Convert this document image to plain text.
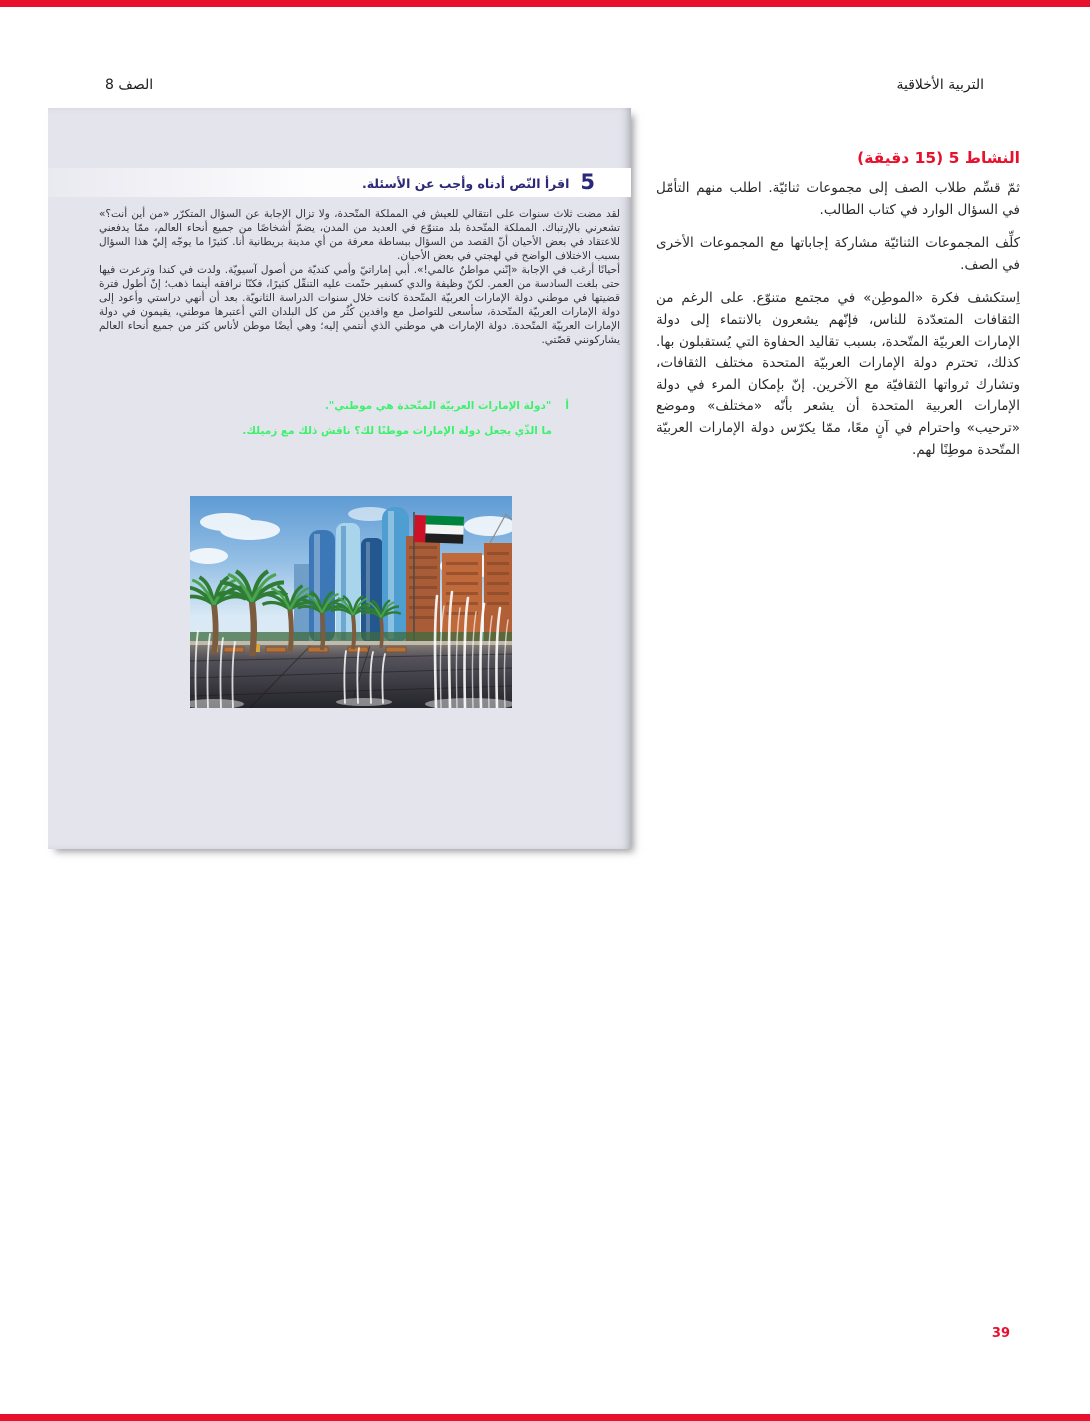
التربية الأخلاقية
الصف 8
5
اقرأ النّص أدناه وأجب عن الأسئلة.

لقد مضت ثلاث سنوات على انتقالي للعيش في المملكة المتّحدة، ولا تزال الإجابة عن السؤال المتكرّر «من أين أنت؟» تشعرني بالإرتباك. المملكة المتّحدة بلد متنوّع في العديد من المدن، يضمّ أشخاصًا من جميع أنحاء العالم، ممّا يدفعني للاعتقاد في بعض الأحيان أنّ القصد من السؤال ببساطة معرفة من أي مدينة بريطانية أنا. كثيرًا ما يوجّه إليّ هذا السؤال بسبب الاختلاف الواضح في لهجتي في بعض الأحيان.

أحيانًا أرغب في الإجابة «إنّني مواطنٌ عالمي!». أبي إماراتيّ وأمي كنديّة من أصول آسيويّة. ولدت في كندا وترعرت فيها حتى بلغت السادسة من العمر. لكنّ وظيفة والدي كسفير حتّمت عليه التنقّل كثيرًا، فكنّا نرافقه أينما ذهب؛ إنّ أطول فترة قضيتها في موطني دولة الإمارات العربيّة المتّحدة كانت خلال سنوات الدراسة الثانويّة. بعد أن أنهي دراستي وأعود إلى دولة الإمارات العربيّة المتّحدة، سأسعى للتواصل مع وافدين كُثُر من كل البلدان التي أعتبرها موطني، يقيمون في دولة الإمارات العربيّة المتّحدة. دولة الإمارات هي موطني الذي أنتمي إليه؛ وهي أيضًا موطن لأناس كثر من جميع أنحاء العالم يشاركونني قصّتي.

أ
"دولة الإمارات العربيّة المتّحدة هي موطني".
ما الذّي يجعل دولة الإمارات موطنًا لك؟ ناقش ذلك مع زميلك.
النشاط 5 (15 دقيقة)

ثمّ قسِّم طلاب الصف إلى مجموعات ثنائيّة. اطلب منهم التأمّل في السؤال الوارد في كتاب الطالب.

كلِّف المجموعات الثنائيّة مشاركة إجاباتها مع المجموعات الأخرى في الصف.

اِستكشف فكرة «الموطِن» في مجتمع متنوّع. على الرغم من الثقافات المتعدّدة للناس، فإنّهم يشعرون بالانتماء إلى دولة الإمارات العربيّة المتّحدة، بسبب تقاليد الحفاوة التي يُستقبلون بها. كذلك، تحترم دولة الإمارات العربيّة المتحدة مختلف الثقافات، وتشارك ثرواتها الثقافيّة مع الآخرين. إنّ بإمكان المرء في دولة الإمارات العربية المتحدة أن يشعر بأنّه «مختلف» وموضع «ترحيب» واحترام في آنٍ معًا، ممّا يكرّس دولة الإمارات العربيّة المتّحدة موطِنًا لهم.

39
